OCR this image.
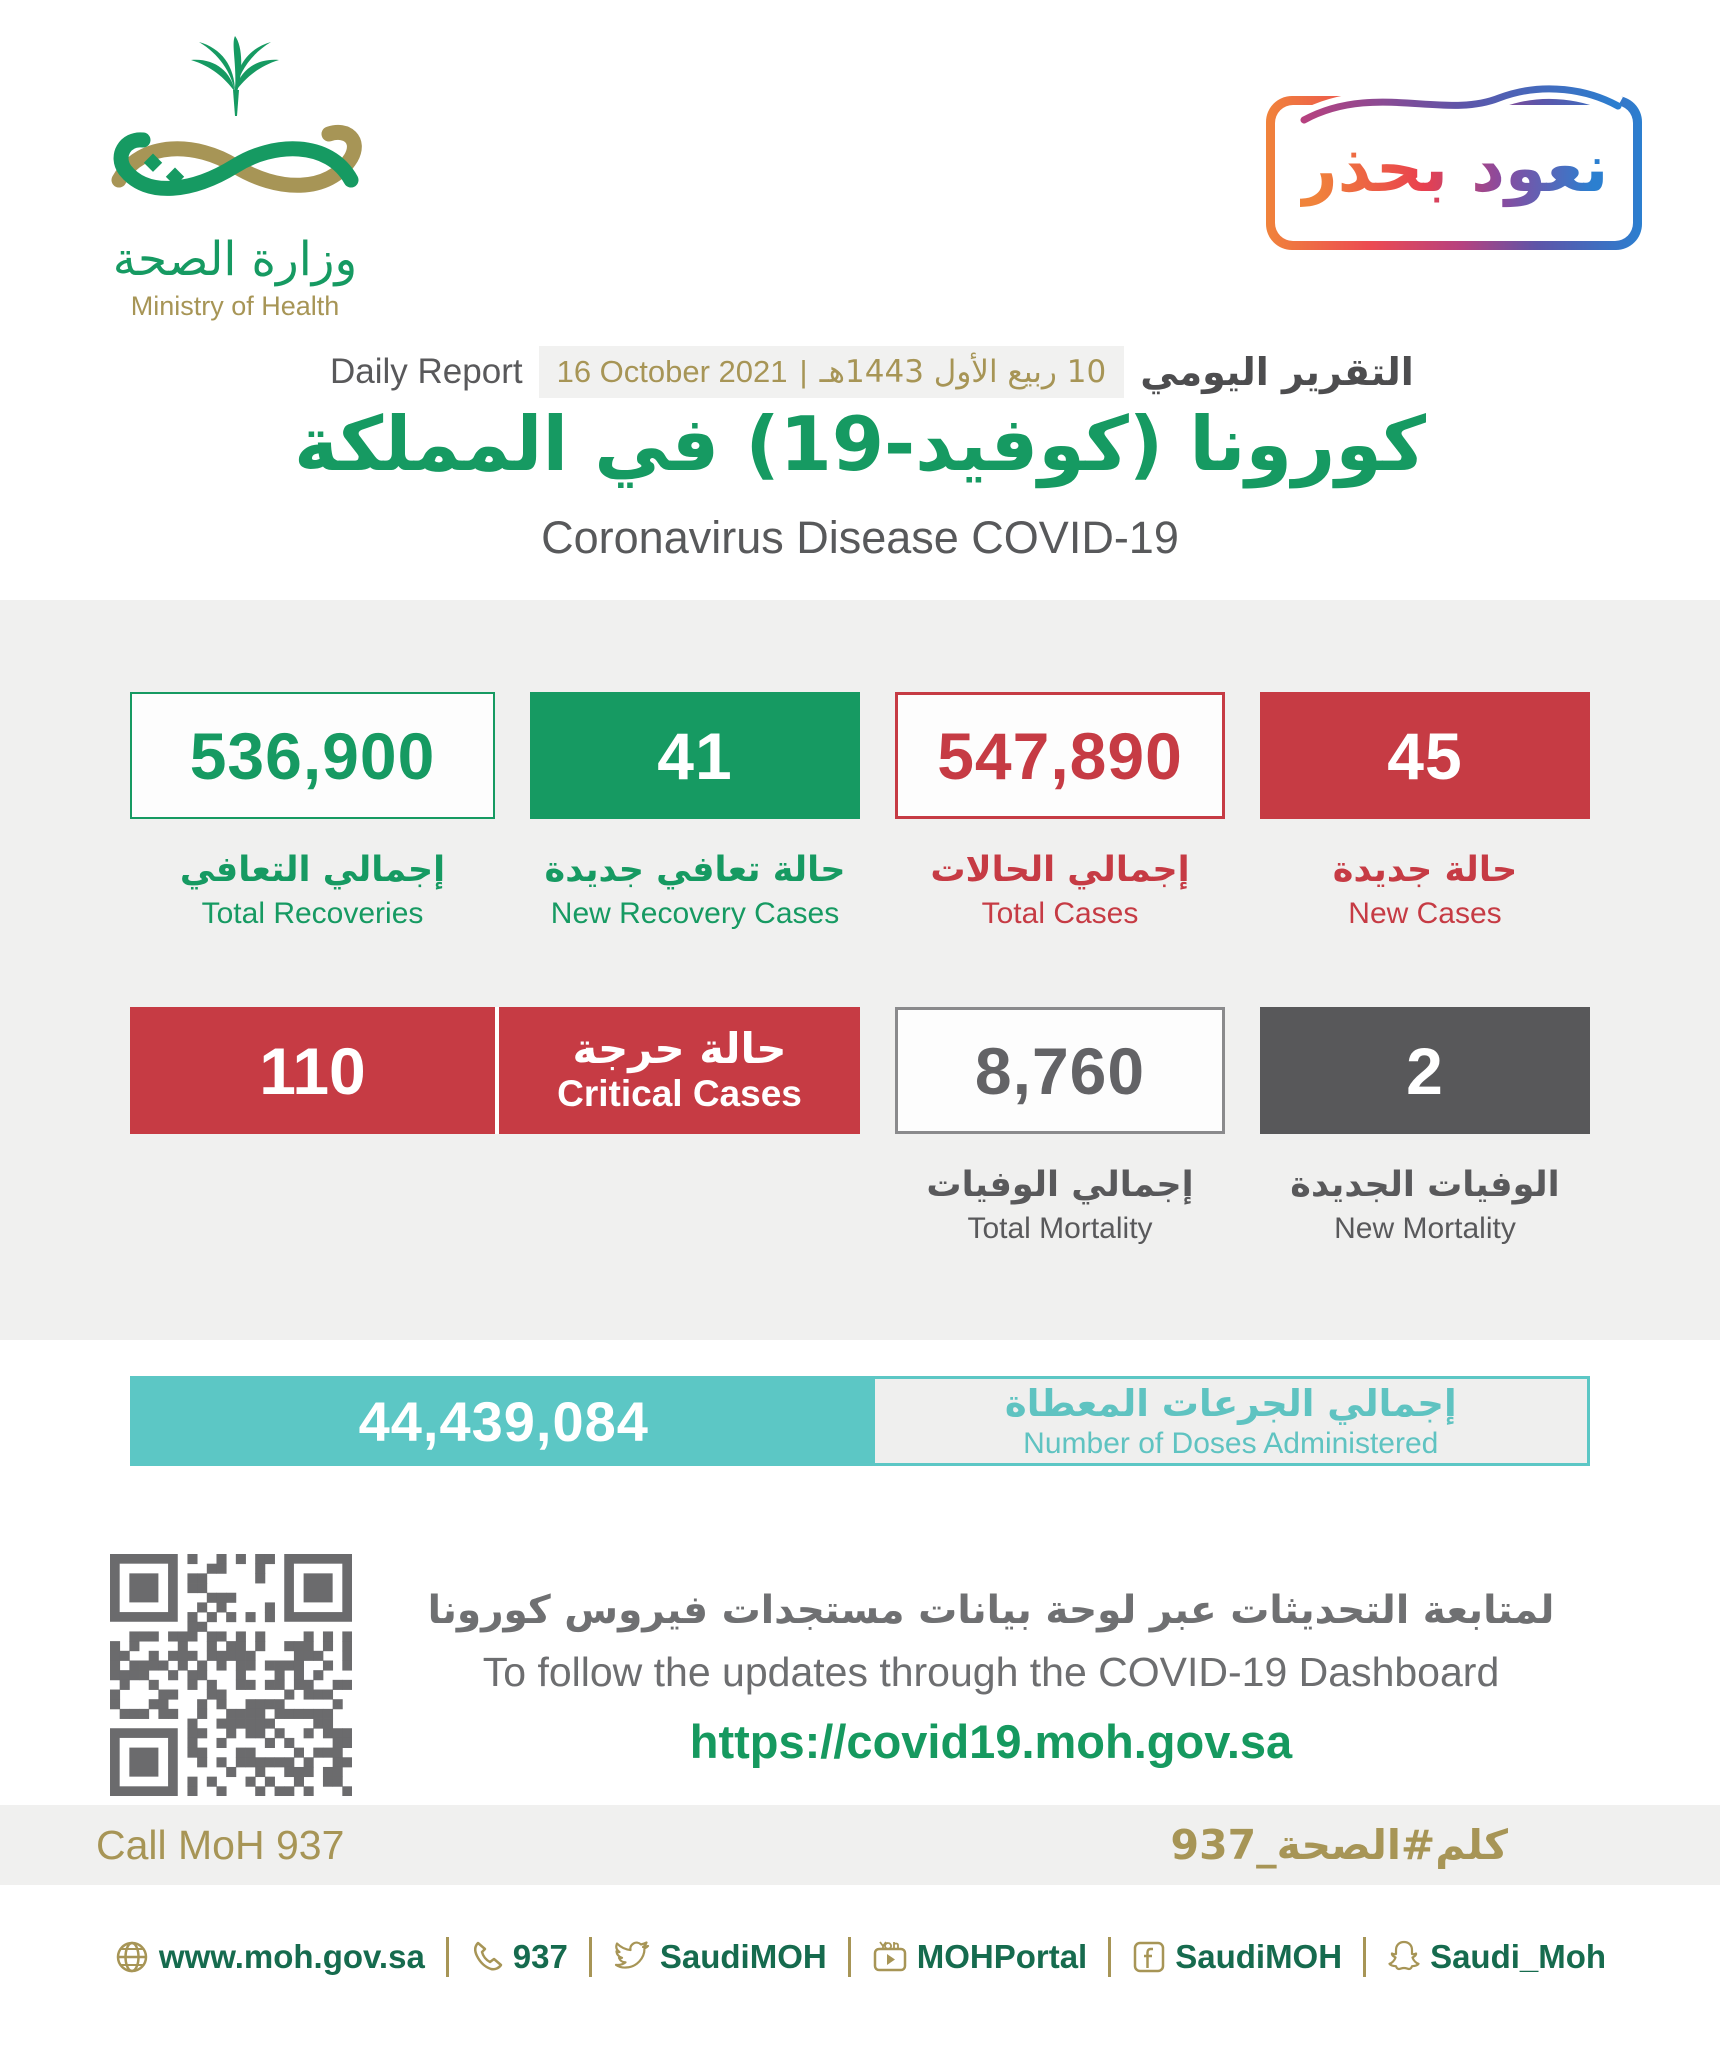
وزارة الصحة
Ministry of Health
نعود بحذر
Daily Report 16 October 2021 | 10 ربيع الأول 1443هـ التقرير اليومي
كورونا (كوفيد-19) في المملكة
Coronavirus Disease COVID-19
536,900
إجمالي التعافي
Total Recoveries
41
حالة تعافي جديدة
New Recovery Cases
547,890
إجمالي الحالات
Total Cases
45
حالة جديدة
New Cases
110	حالة حرجة
Critical Cases	8,760
إجمالي الوفيات
Total Mortality
2
الوفيات الجديدة
New Mortality
44,439,084	إجمالي الجرعات المعطاة
Number of Doses Administered
لمتابعة التحديثات عبر لوحة بيانات مستجدات فيروس كورونا
To follow the updates through the COVID-19 Dashboard
https://covid19.moh.gov.sa
Call MoH 937	كلم#الصحة_937
www.moh.gov.sa	937	SaudiMOH	MOHPortal	SaudiMOH	Saudi_Moh
